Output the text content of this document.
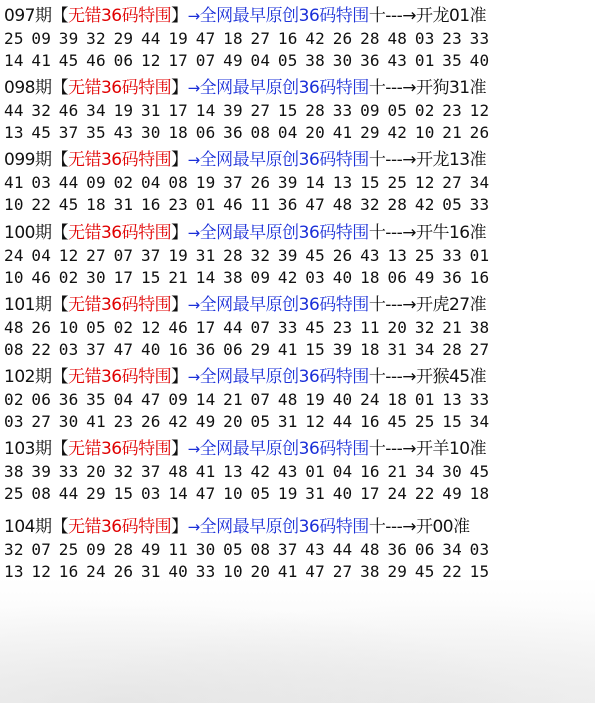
097期【无错36码特围】→全网最早原创36码特围十---→开龙01准
25 09 39 32 29 44 19 47 18 27 16 42 26 28 48 03 23 33
14 41 45 46 06 12 17 07 49 04 05 38 30 36 43 01 35 40
098期【无错36码特围】→全网最早原创36码特围十---→开狗31准
44 32 46 34 19 31 17 14 39 27 15 28 33 09 05 02 23 12
13 45 37 35 43 30 18 06 36 08 04 20 41 29 42 10 21 26
099期【无错36码特围】→全网最早原创36码特围十---→开龙13准
41 03 44 09 02 04 08 19 37 26 39 14 13 15 25 12 27 34
10 22 45 18 31 16 23 01 46 11 36 47 48 32 28 42 05 33
100期【无错36码特围】→全网最早原创36码特围十---→开牛16准
24 04 12 27 07 37 19 31 28 32 39 45 26 43 13 25 33 01
10 46 02 30 17 15 21 14 38 09 42 03 40 18 06 49 36 16
101期【无错36码特围】→全网最早原创36码特围十---→开虎27准
48 26 10 05 02 12 46 17 44 07 33 45 23 11 20 32 21 38
08 22 03 37 47 40 16 36 06 29 41 15 39 18 31 34 28 27
102期【无错36码特围】→全网最早原创36码特围十---→开猴45准
02 06 36 35 04 47 09 14 21 07 48 19 40 24 18 01 13 33
03 27 30 41 23 26 42 49 20 05 31 12 44 16 45 25 15 34
103期【无错36码特围】→全网最早原创36码特围十---→开羊10准
38 39 33 20 32 37 48 41 13 42 43 01 04 16 21 34 30 45
25 08 44 29 15 03 14 47 10 05 19 31 40 17 24 22 49 18
104期【无错36码特围】→全网最早原创36码特围十---→开00准
32 07 25 09 28 49 11 30 05 08 37 43 44 48 36 06 34 03
13 12 16 24 26 31 40 33 10 20 41 47 27 38 29 45 22 15
